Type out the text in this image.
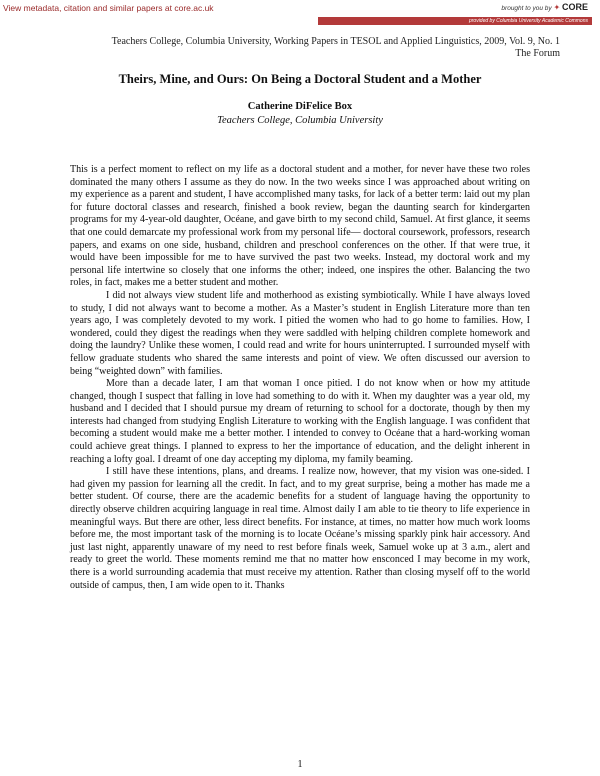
View metadata, citation and similar papers at core.ac.uk	brought to you by ✦ CORE
provided by Columbia University Academic Commons
Teachers College, Columbia University, Working Papers in TESOL and Applied Linguistics, 2009, Vol. 9, No. 1
The Forum
Theirs, Mine, and Ours: On Being a Doctoral Student and a Mother
Catherine DiFelice Box
Teachers College, Columbia University

This is a perfect moment to reflect on my life as a doctoral student and a mother, for never have these two roles dominated the many others I assume as they do now. In the two weeks since I was approached about writing on my experience as a parent and student, I have accomplished many tasks, for lack of a better term: laid out my plan for future doctoral classes and research, finished a book review, began the daunting search for kindergarten programs for my 4-year-old daughter, Océane, and gave birth to my second child, Samuel. At first glance, it seems that one could demarcate my professional work from my personal life— doctoral coursework, professors, research papers, and exams on one side, husband, children and preschool conferences on the other. If that were true, it would have been impossible for me to have survived the past two weeks. Instead, my doctoral work and my personal life intertwine so closely that one informs the other; indeed, one inspires the other. Balancing the two roles, in fact, makes me a better student and mother.

I did not always view student life and motherhood as existing symbiotically. While I have always loved to study, I did not always want to become a mother. As a Master’s student in English Literature more than ten years ago, I was completely devoted to my work. I pitied the women who had to go home to families. How, I wondered, could they digest the readings when they were saddled with helping children complete homework and doing the laundry? Unlike these women, I could read and write for hours uninterrupted. I surrounded myself with fellow graduate students who shared the same interests and point of view. We often discussed our aversion to being “weighted down” with families.

More than a decade later, I am that woman I once pitied. I do not know when or how my attitude changed, though I suspect that falling in love had something to do with it. When my daughter was a year old, my husband and I decided that I should pursue my dream of returning to school for a doctorate, though by then my interests had changed from studying English Literature to working with the English language. I was confident that becoming a student would make me a better mother. I intended to convey to Océane that a hard-working woman could achieve great things. I planned to express to her the importance of education, and the delight inherent in reaching a lofty goal. I dreamt of one day accepting my diploma, my family beaming.

I still have these intentions, plans, and dreams. I realize now, however, that my vision was one-sided. I had given my passion for learning all the credit. In fact, and to my great surprise, being a mother has made me a better student. Of course, there are the academic benefits for a student of language having the opportunity to directly observe children acquiring language in real time. Almost daily I am able to tie theory to life experience in meaningful ways. But there are other, less direct benefits. For instance, at times, no matter how much work looms before me, the most important task of the morning is to locate Océane’s missing sparkly pink hair accessory. And just last night, apparently unaware of my need to rest before finals week, Samuel woke up at 3 a.m., alert and ready to greet the world. These moments remind me that no matter how ensconced I may become in my work, there is a world surrounding academia that must receive my attention. Rather than closing myself off to the world outside of campus, then, I am wide open to it. Thanks

1
